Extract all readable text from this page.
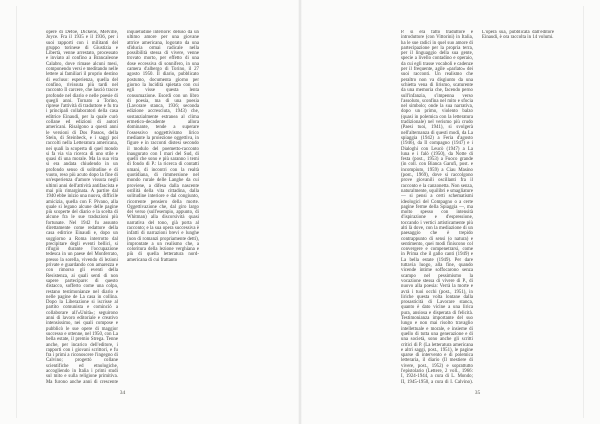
opere di Defoe, Dickens, Melville, Joyce. Fra il 1935 e il 1936, per i suoi rapporti con i militanti del gruppo torinese di Giustizia e Libertà, venne arrestato, processato e inviato al confino a Brancaleone Calabro, dove rimase alcuni mesi, componendo versi e meditando nelle lettere ai familiari il proprio destino di escluso: esperienza, quella del confino, rivissuta più tardi nel racconto Il carcere, che lasciò tracce profonde nel diario e nelle poesie di quegli anni. Tornato a Torino, riprese l'attività di traduttore e fu tra i principali collaboratori della casa editrice Einaudi, per la quale curò collane ed edizioni di autori americani. Risalgono a questi anni le versioni di Dos Passos, della Stein, di Steinbeck, e i saggi poi raccolti nella Letteratura americana, nei quali la scoperta di quel mondo si fa via via ricerca di uno stile e quasi di una morale. Ma la sua vita si era andata chiudendo in un profondo senso di solitudine e di vuoto, reso più acuto dopo la fine di un'esperienza d'amore vissuta negli ultimi anni dell'attività antifascista e mai più rimarginata. A partire dal 1940 ebbe inizio una nuova, difficile amicizia, quella con F. Pivano, alla quale si legano alcune delle pagine più scoperte del diario e la scelta di alcune fra le sue traduzioni più fortunate. Nel 1942 fu assunto direttamente come redattore della casa editrice Einaudi e, dopo un soggiorno a Roma interrotto dal precipitare degli eventi bellici, si rifugiò durante l'occupazione tedesca in un paese del Monferrato, presso la sorella, vivendo di lezioni private e guardando con amarezza e con rimorso gli eventi della Resistenza, ai quali sentì di non sapere partecipare: di questo distacco, sofferto come una colpa, restano testimonianze nel diario e nelle pagine de La casa in collina. Dopo la Liberazione si iscrisse al partito comunista e cominciò a collaborare all'«Unità»; seguirono anni di lavoro editoriale e creativo intensissimo, nei quali compose e pubblicò le sue opere di maggior successo e ottenne, nel 1950, con La bella estate, il premio Strega. Tenne anche, per incarico dell'editore, i rapporti con i giovani scrittori, e fu fra i primi a riconoscere l'ingegno di Calvino; progettò collane scientifiche ed etnologiche, accogliendo in Italia i primi studi sul mito e sulla religione primitiva. Ma furono anche anni di crescente inquietudine interiore: deluso da un ultimo amore per una giovane attrice americana, logorato da una sfiducia ormai radicale nella possibilità stessa di vivere, venne trovato morto, per effetto di una dose eccessiva di sonnifero, in una camera d'albergo di Torino, il 27 agosto 1950. Il diario, pubblicato postumo, documenta giorno per giorno la lucidità spietata con cui egli visse questa lenta consumazione. Esordì con un libro di poesia, ma di una poesia (Lavorare stanca, 1936; seconda edizione accresciuta, 1943) che, sostanzialmente estranea al clima ermetico-decadente allora dominante, tende a superare l'ossessivo soggettivismo lirico mediante la proiezione oggettiva, in figure e in racconti distesi secondo il modulo del poemetto-racconto inaugurato con I mari del Sud, di quelli che sono e più saranno i temi di fondo di P.: la ricerca di contatti umani, di incontri con la realtà quotidiana, di rimmersione nel mondo rurale delle Langhe da cui proviene, a difesa dalla nascente ostilità della vita cittadina, dalla solitudine interiore e dal congiunto, ricorrente pensiero della morte. Oggettivazione che, dal giro largo del verso (sull'esempio, appunto, di Whitman) alla discorsività quasi narrativa del tono, già porta al racconto; e la sua opera successiva è infatti di narrazioni brevi e lunghe (non di romanzi propriamente detti), improntate a un realismo che, a coloritura della lezione verghiana e più di quella letteratura nord-americana di cui frattanto
34
P. si era fatto traduttore e introduttore (con Vittorini) in Italia, ha le sue radici in quel suo amore di partecipazione per la propria terra, per il linguaggio della sua gente, specie a livello contadino e operaio, da cui egli trasse vocaboli e cadenze per il frequente, agile «parlato» dei suoi racconti. Un realismo che peraltro non va disgiunto da una schietta vena di lirismo, scaturente da una memoria che, facendo perno sull'infanzia, s'impenna verso l'assoluto, sconfina nel mito e sfocia nel simbolo; onde la sua narrativa, dopo un primo, violento balzo (quasi in polemica con la letteratura tradizionale) nel verismo più crudo (Paesi tuoi, 1941), si svolgerà nell'alternanza di questi modi, da La spiaggia (1942) a Feria d'agosto (1946), da Il compagno (1947) e i Dialoghi con Leucò (1947) a La luna e i falò (1950), da Notte di festa (post., 1953) a Fuoco grande (in coll. con Bianca Garufi, post. e incompiuto, 1959) a Ciau Masino (post., 1969), dove si raccolgono prove giovanili oscillanti fra il racconto e la canzonetta. Non senza, naturalmente, squilibri e smagliature — si pensi a certi schematismi ideologici del Compagno o a certe pagine ferme della Spiaggia —, ma molto spesso con intensità d'ispirazione e d'espressione, toccando i vertici artisticamente più alti là dove, con la mediazione di un paesaggio che è trepido contrappunto di sensi (o natura) e sentimento, quei modi finiscono col convergere e compenetrarsi, come in Prima che il gallo canti (1949) e La bella estate (1949). Per dare tuttavia luogo, alla fine, quando vicende intime soffocarono senza scampo nel pessimismo la vocazione stessa di vivere di P., di nuovo alla poesia: Verrà la morte e avrà i tuoi occhi (post., 1951), in liriche questa volta lontane dalla prosasticità di Lavorare stanca, quanto è dato vicine a una lirica pura, ansiosa e disperata di felicità. Testimonianza importante del suo lungo e non mai risolto travaglio intellettuale e morale, e insieme di quello di tutta una generazione e di una società, sono anche gli scritti critici di P. (La letteratura americana e altri saggi, post., 1951), le pagine sparse di intervento e di polemica letteraria, il diario (Il mestiere di vivere, post., 1952) e soprattutto l'epistolario (Lettere, 2 voll., 1966: I, 1924-1944, a cura di L. Mondo; II, 1945-1950, a cura di I. Calvino). L'opera sua, pubblicata dall'editore Einaudi, è ora raccolta in 14 volumi.
35
